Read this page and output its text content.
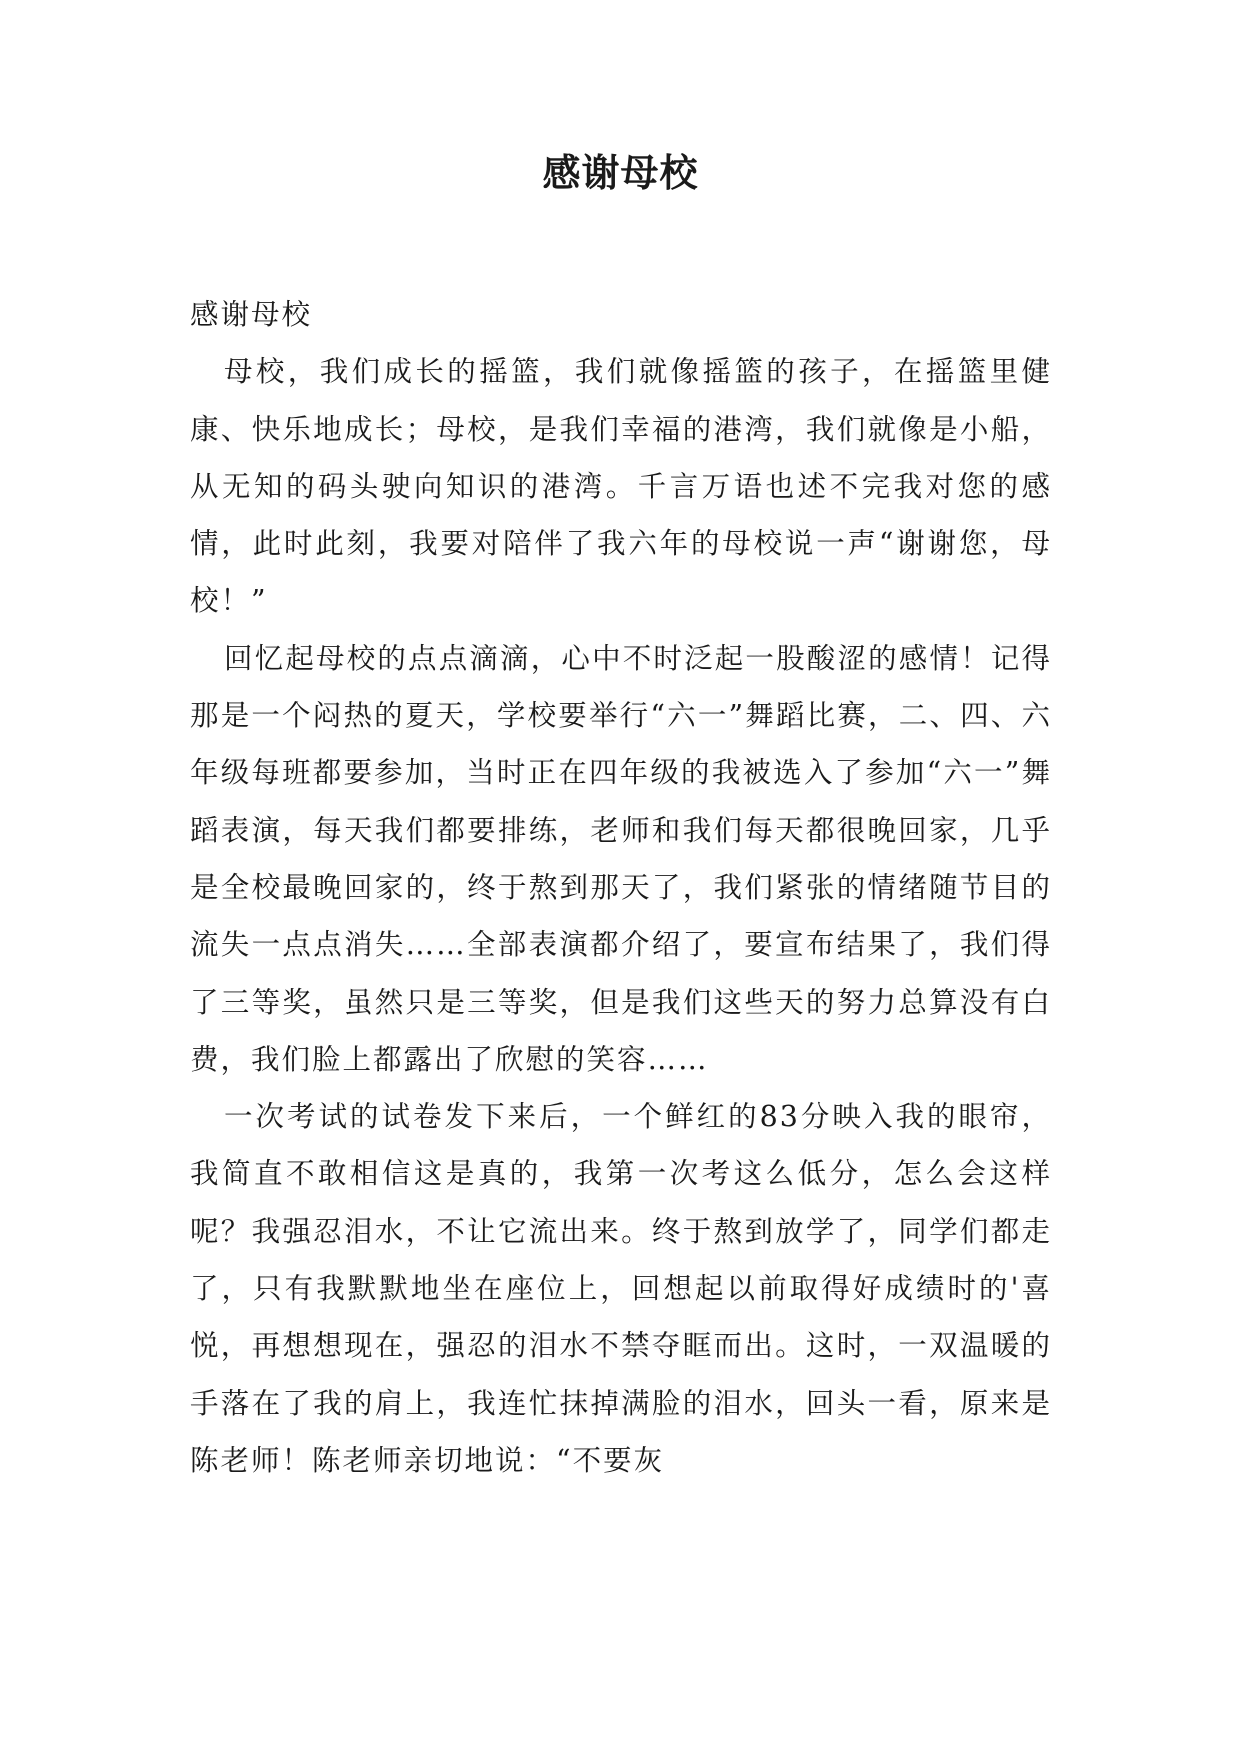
感谢母校

感谢母校

母校，我们成长的摇篮，我们就像摇篮的孩子，在摇篮里健康、快乐地成长；母校，是我们幸福的港湾，我们就像是小船，从无知的码头驶向知识的港湾。千言万语也述不完我对您的感情，此时此刻，我要对陪伴了我六年的母校说一声“谢谢您，母校！”

回忆起母校的点点滴滴，心中不时泛起一股酸涩的感情！记得那是一个闷热的夏天，学校要举行“六一”舞蹈比赛，二、四、六年级每班都要参加，当时正在四年级的我被选入了参加“六一”舞蹈表演，每天我们都要排练，老师和我们每天都很晚回家，几乎是全校最晚回家的，终于熬到那天了，我们紧张的情绪随节目的流失一点点消失……全部表演都介绍了，要宣布结果了，我们得了三等奖，虽然只是三等奖，但是我们这些天的努力总算没有白费，我们脸上都露出了欣慰的笑容……

一次考试的试卷发下来后，一个鲜红的83分映入我的眼帘，我简直不敢相信这是真的，我第一次考这么低分，怎么会这样呢？我强忍泪水，不让它流出来。终于熬到放学了，同学们都走了，只有我默默地坐在座位上，回想起以前取得好成绩时的'喜悦，再想想现在，强忍的泪水不禁夺眶而出。这时，一双温暖的手落在了我的肩上，我连忙抹掉满脸的泪水，回头一看，原来是陈老师！陈老师亲切地说：“不要灰
